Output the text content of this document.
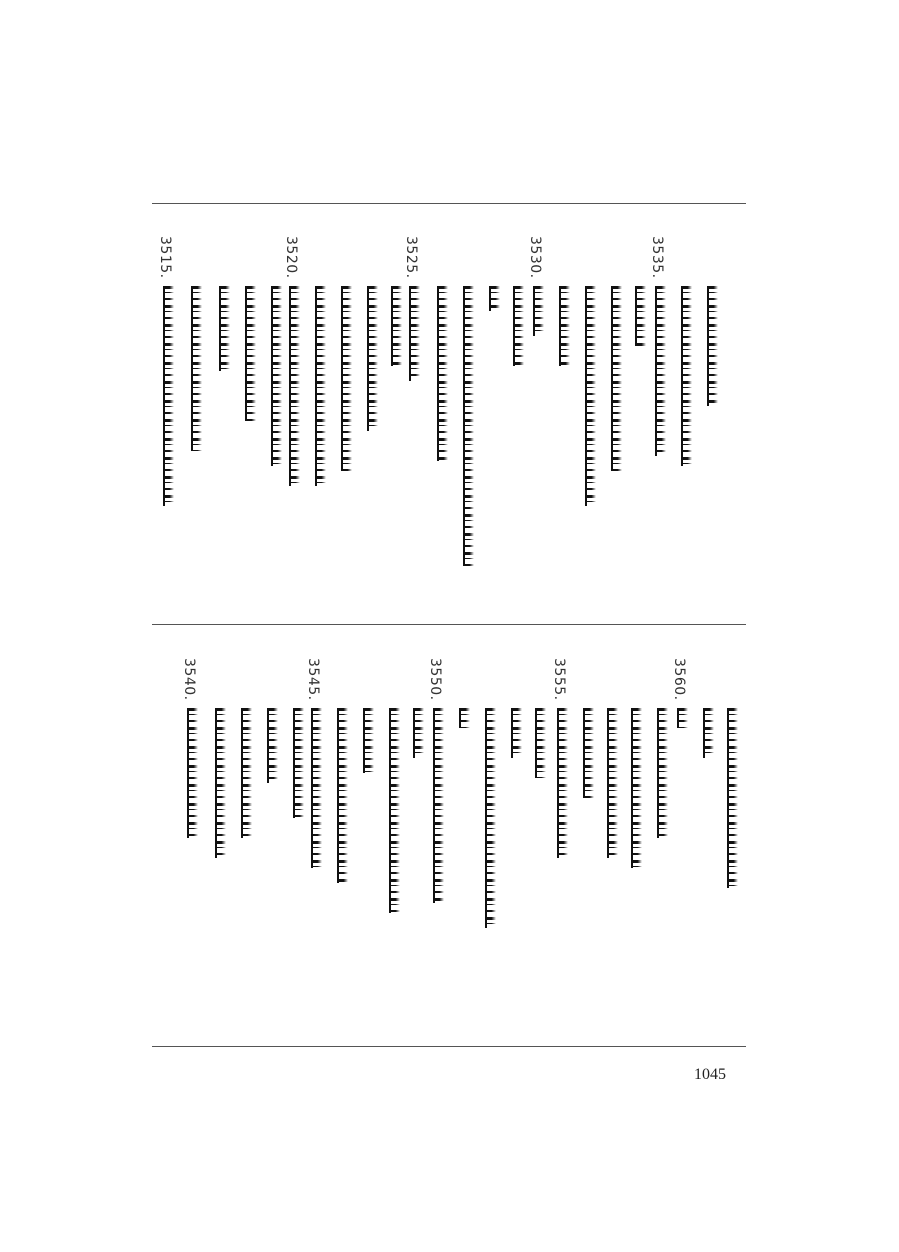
3515.	3520.	3525.	3530.	3535.
3540.	3545.	3550.	3555.	3560.
1045
